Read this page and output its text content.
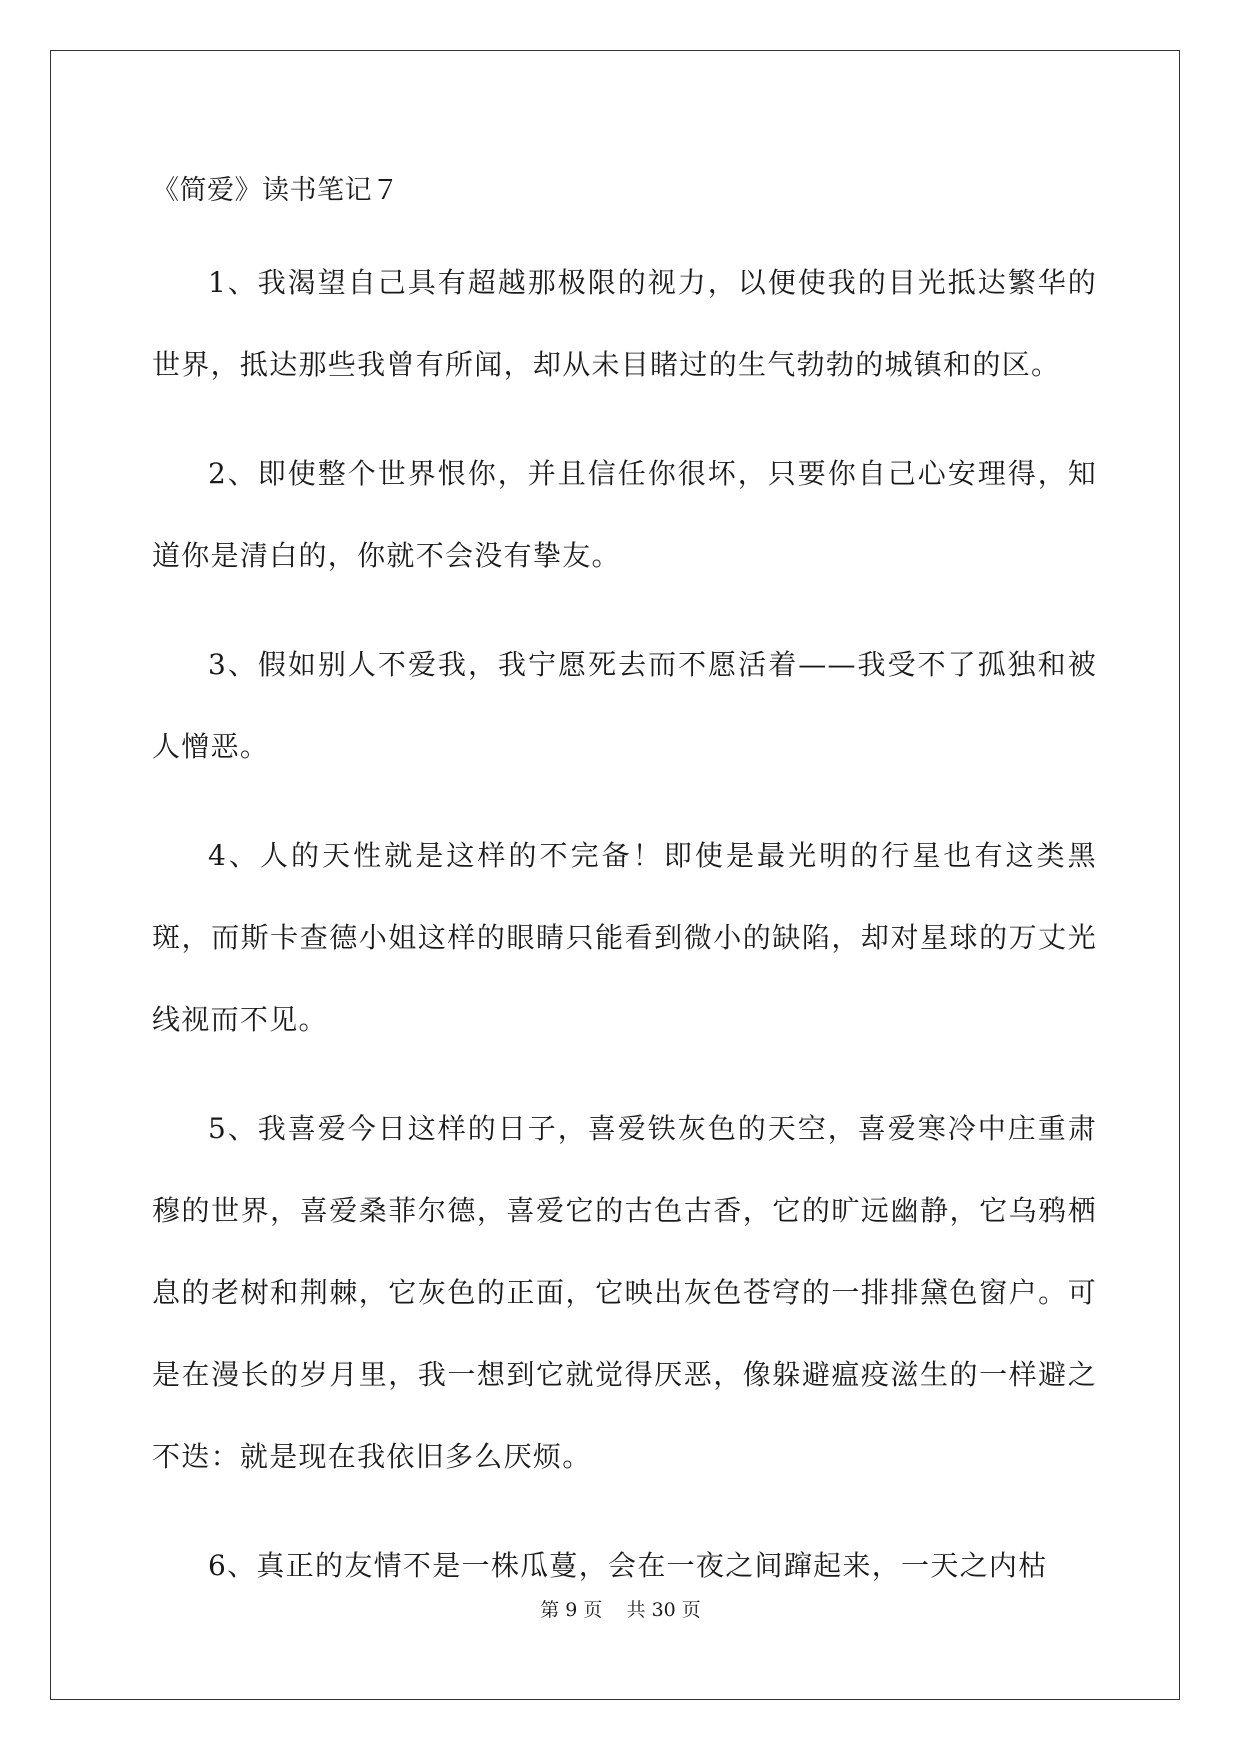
《简爱》读书笔记７

1、我渴望自己具有超越那极限的视力，以便使我的目光抵达繁华的世界，抵达那些我曾有所闻，却从未目睹过的生气勃勃的城镇和的区。

2、即使整个世界恨你，并且信任你很坏，只要你自己心安理得，知道你是清白的，你就不会没有挚友。

3、假如别人不爱我，我宁愿死去而不愿活着——我受不了孤独和被人憎恶。

4、人的天性就是这样的不完备！即使是最光明的行星也有这类黑斑，而斯卡查德小姐这样的眼睛只能看到微小的缺陷，却对星球的万丈光线视而不见。

5、我喜爱今日这样的日子，喜爱铁灰色的天空，喜爱寒冷中庄重肃穆的世界，喜爱桑菲尔德，喜爱它的古色古香，它的旷远幽静，它乌鸦栖息的老树和荆棘，它灰色的正面，它映出灰色苍穹的一排排黛色窗户。可是在漫长的岁月里，我一想到它就觉得厌恶，像躲避瘟疫滋生的一样避之不迭：就是现在我依旧多么厌烦。

6、真正的友情不是一株瓜蔓，会在一夜之间蹿起来，一天之内枯

第 9 页    共 30 页
